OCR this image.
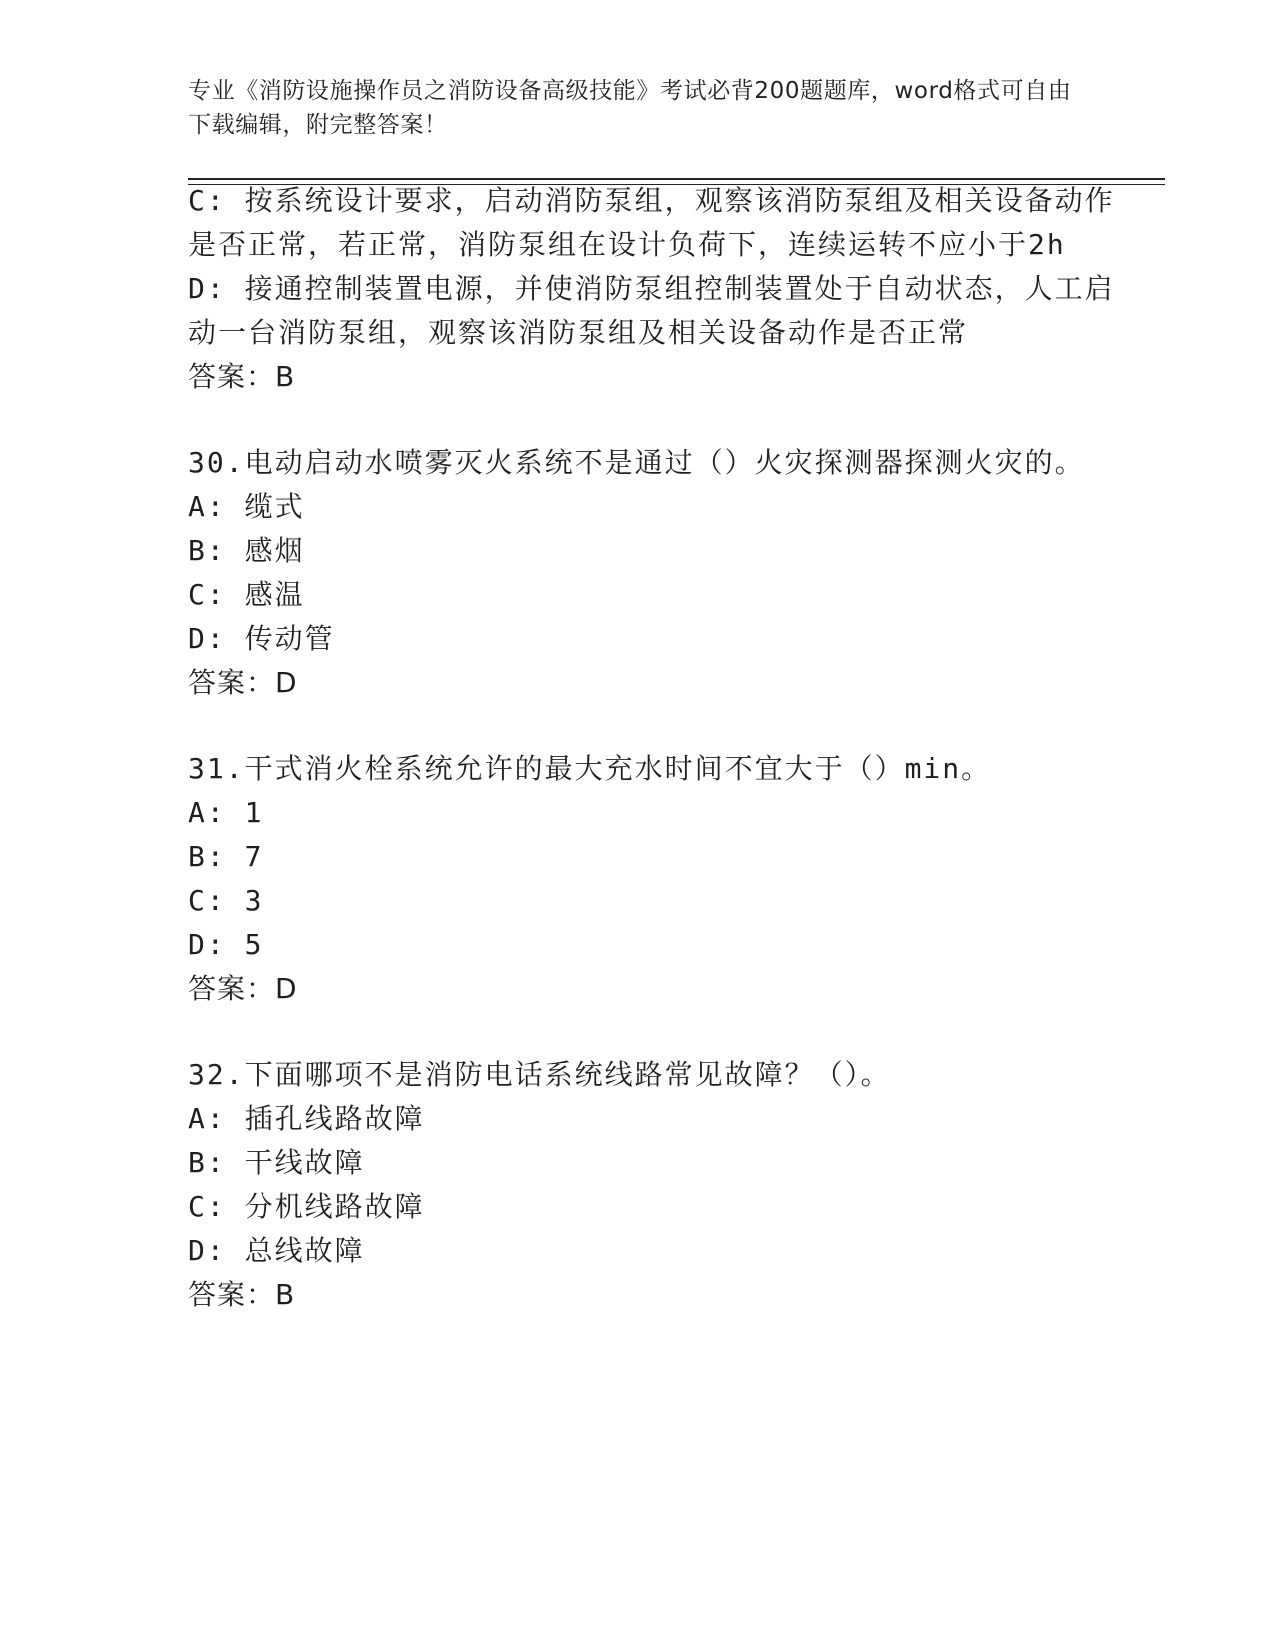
专业《消防设施操作员之消防设备高级技能》考试必背200题题库，word格式可自由下载编辑，附完整答案！
C: 按系统设计要求，启动消防泵组，观察该消防泵组及相关设备动作
是否正常，若正常，消防泵组在设计负荷下，连续运转不应小于2h
D: 接通控制装置电源，并使消防泵组控制装置处于自动状态，人工启
动一台消防泵组，观察该消防泵组及相关设备动作是否正常
答案：B
30.电动启动水喷雾灭火系统不是通过（）火灾探测器探测火灾的。
A: 缆式
B: 感烟
C: 感温
D: 传动管
答案：D
31.干式消火栓系统允许的最大充水时间不宜大于（）min。
A: 1
B: 7
C: 3
D: 5
答案：D
32.下面哪项不是消防电话系统线路常见故障？（）。
A: 插孔线路故障
B: 干线故障
C: 分机线路故障
D: 总线故障
答案：B
